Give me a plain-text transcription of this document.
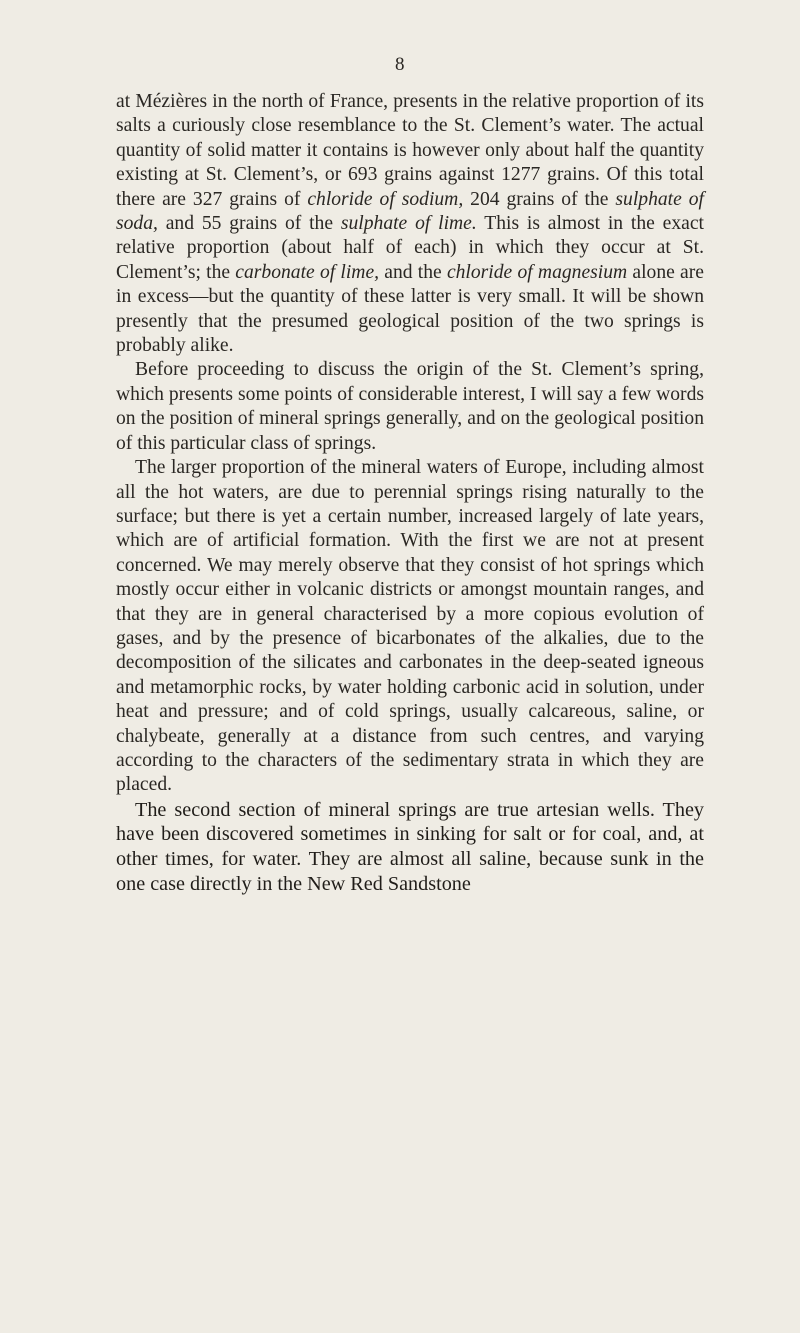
8

at Mézières in the north of France, presents in the relative proportion of its salts a curiously close resemblance to the St. Clement’s water. The actual quantity of solid matter it contains is however only about half the quantity existing at St. Clement’s, or 693 grains against 1277 grains. Of this total there are 327 grains of chloride of sodium, 204 grains of the sulphate of soda, and 55 grains of the sulphate of lime. This is almost in the exact relative proportion (about half of each) in which they occur at St. Clement’s; the carbonate of lime, and the chloride of magnesium alone are in excess—but the quantity of these latter is very small. It will be shown presently that the presumed geological position of the two springs is probably alike.

Before proceeding to discuss the origin of the St. Clement’s spring, which presents some points of considerable interest, I will say a few words on the position of mineral springs generally, and on the geological position of this particular class of springs.

The larger proportion of the mineral waters of Europe, including almost all the hot waters, are due to perennial springs rising naturally to the surface; but there is yet a certain number, increased largely of late years, which are of artificial formation. With the first we are not at present concerned. We may merely observe that they consist of hot springs which mostly occur either in volcanic districts or amongst mountain ranges, and that they are in general characterised by a more copious evolution of gases, and by the presence of bicarbonates of the alkalies, due to the decomposition of the silicates and carbonates in the deep-seated igneous and metamorphic rocks, by water holding carbonic acid in solution, under heat and pressure; and of cold springs, usually calcareous, saline, or chalybeate, generally at a distance from such centres, and varying according to the characters of the sedimentary strata in which they are placed.

The second section of mineral springs are true artesian wells. They have been discovered sometimes in sinking for salt or for coal, and, at other times, for water. They are almost all saline, because sunk in the one case directly in the New Red Sandstone
